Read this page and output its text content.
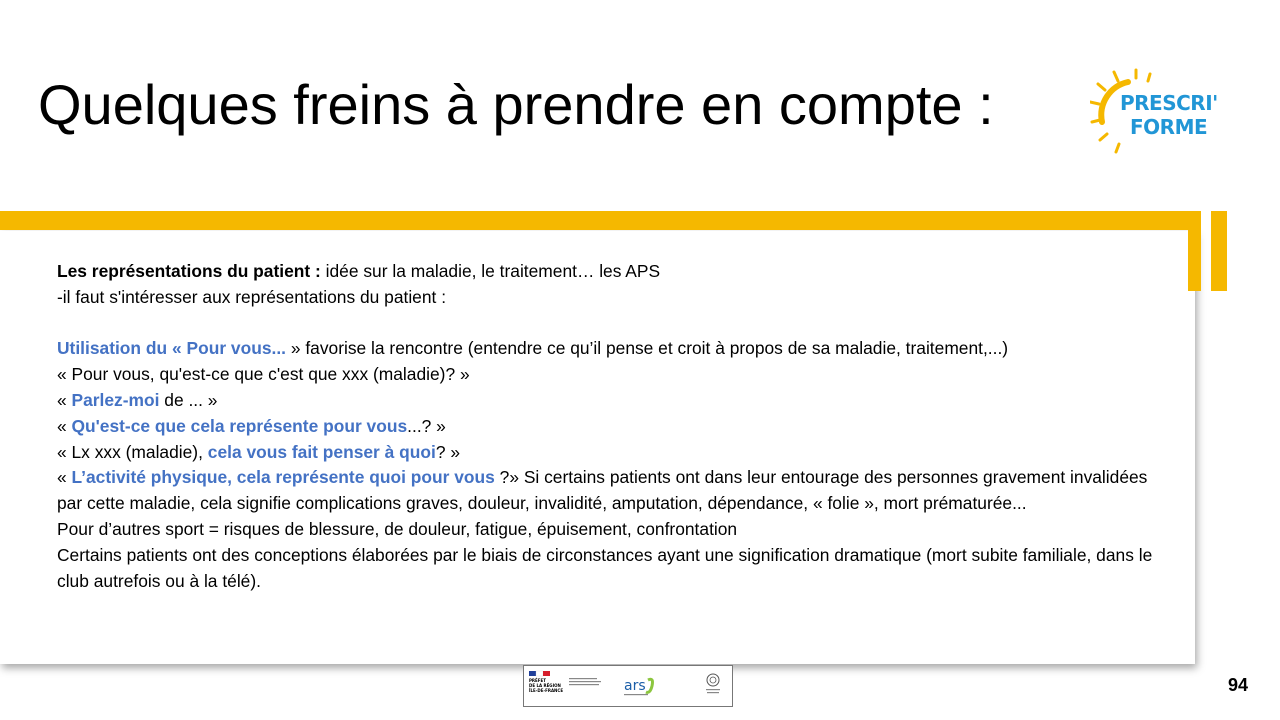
Quelques freins à prendre en compte :	PRESCRI'
FORME

Les représentations du patient : idée sur la maladie, le traitement… les APS

-il faut s'intéresser aux représentations du patient :

Utilisation du « Pour vous... » favorise la rencontre (entendre ce qu’il pense et croit à propos de sa maladie, traitement,...)

« Pour vous, qu'est-ce que c'est que xxx (maladie)? »

« Parlez-moi de ... »

« Qu'est-ce que cela représente pour vous...? »

« Lx xxx (maladie), cela vous fait penser à quoi? »

« L’activité physique, cela représente quoi pour vous ?» Si certains patients ont dans leur entourage des personnes gravement invalidées par cette maladie, cela signifie complications graves, douleur, invalidité, amputation, dépendance, « folie », mort prématurée...

Pour d’autres sport = risques de blessure, de douleur, fatigue, épuisement, confrontation

Certains patients ont des conceptions élaborées par le biais de circonstances ayant une signification dramatique (mort subite familiale, dans le club autrefois ou à la télé).

PRÉFET
DE LA RÉGION
ÎLE-DE-FRANCE	ars	94
